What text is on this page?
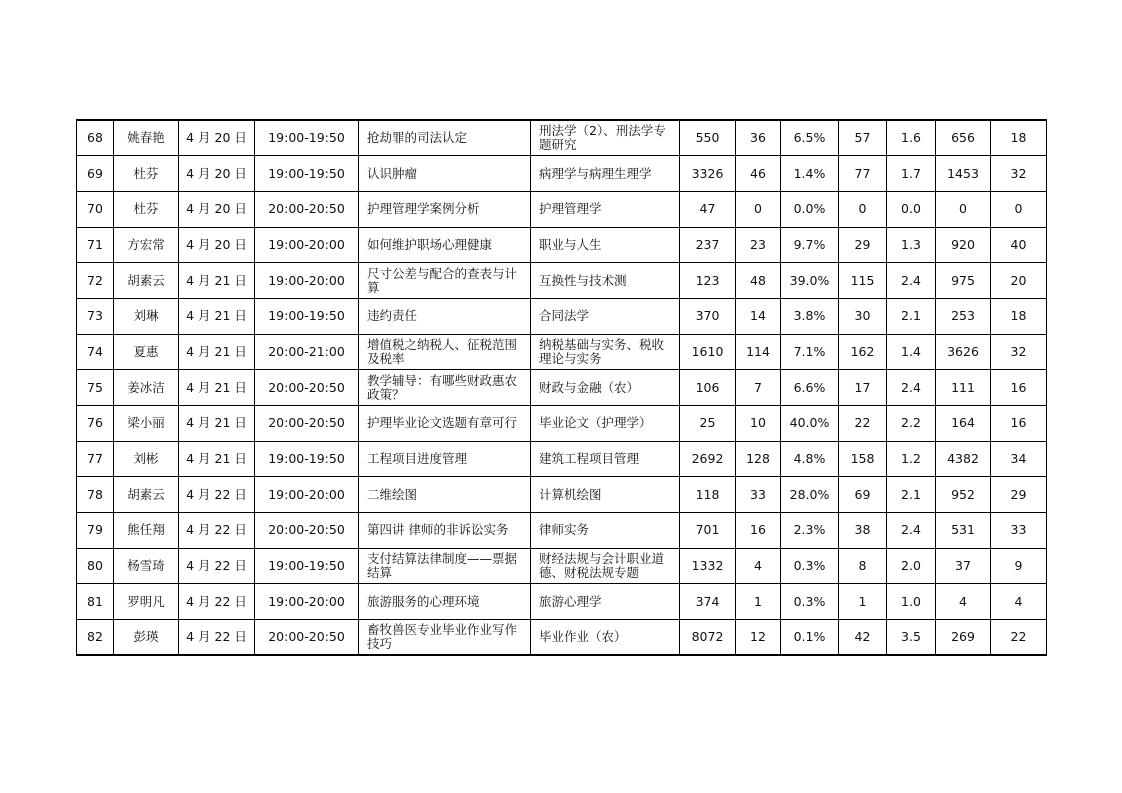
68	姚春艳	4 月 20 日	19:00-19:50	抢劫罪的司法认定	刑法学（2）、刑法学专题研究	550	36	6.5%	57	1.6	656	18
69	杜芬	4 月 20 日	19:00-19:50	认识肿瘤	病理学与病理生理学	3326	46	1.4%	77	1.7	1453	32
70	杜芬	4 月 20 日	20:00-20:50	护理管理学案例分析	护理管理学	47	0	0.0%	0	0.0	0	0
71	方宏常	4 月 20 日	19:00-20:00	如何维护职场心理健康	职业与人生	237	23	9.7%	29	1.3	920	40
72	胡素云	4 月 21 日	19:00-20:00	尺寸公差与配合的查表与计算	互换性与技术测	123	48	39.0%	115	2.4	975	20
73	刘琳	4 月 21 日	19:00-19:50	违约责任	合同法学	370	14	3.8%	30	2.1	253	18
74	夏惠	4 月 21 日	20:00-21:00	增值税之纳税人、征税范围及税率	纳税基础与实务、税收理论与实务	1610	114	7.1%	162	1.4	3626	32
75	姜冰洁	4 月 21 日	20:00-20:50	教学辅导：有哪些财政惠农政策？	财政与金融（农）	106	7	6.6%	17	2.4	111	16
76	梁小丽	4 月 21 日	20:00-20:50	护理毕业论文选题有章可行	毕业论文（护理学）	25	10	40.0%	22	2.2	164	16
77	刘彬	4 月 21 日	19:00-19:50	工程项目进度管理	建筑工程项目管理	2692	128	4.8%	158	1.2	4382	34
78	胡素云	4 月 22 日	19:00-20:00	二维绘图	计算机绘图	118	33	28.0%	69	2.1	952	29
79	熊任翔	4 月 22 日	20:00-20:50	第四讲 律师的非诉讼实务	律师实务	701	16	2.3%	38	2.4	531	33
80	杨雪琦	4 月 22 日	19:00-19:50	支付结算法律制度——票据结算	财经法规与会计职业道德、财税法规专题	1332	4	0.3%	8	2.0	37	9
81	罗明凡	4 月 22 日	19:00-20:00	旅游服务的心理环境	旅游心理学	374	1	0.3%	1	1.0	4	4
82	彭瑛	4 月 22 日	20:00-20:50	畜牧兽医专业毕业作业写作技巧	毕业作业（农）	8072	12	0.1%	42	3.5	269	22
